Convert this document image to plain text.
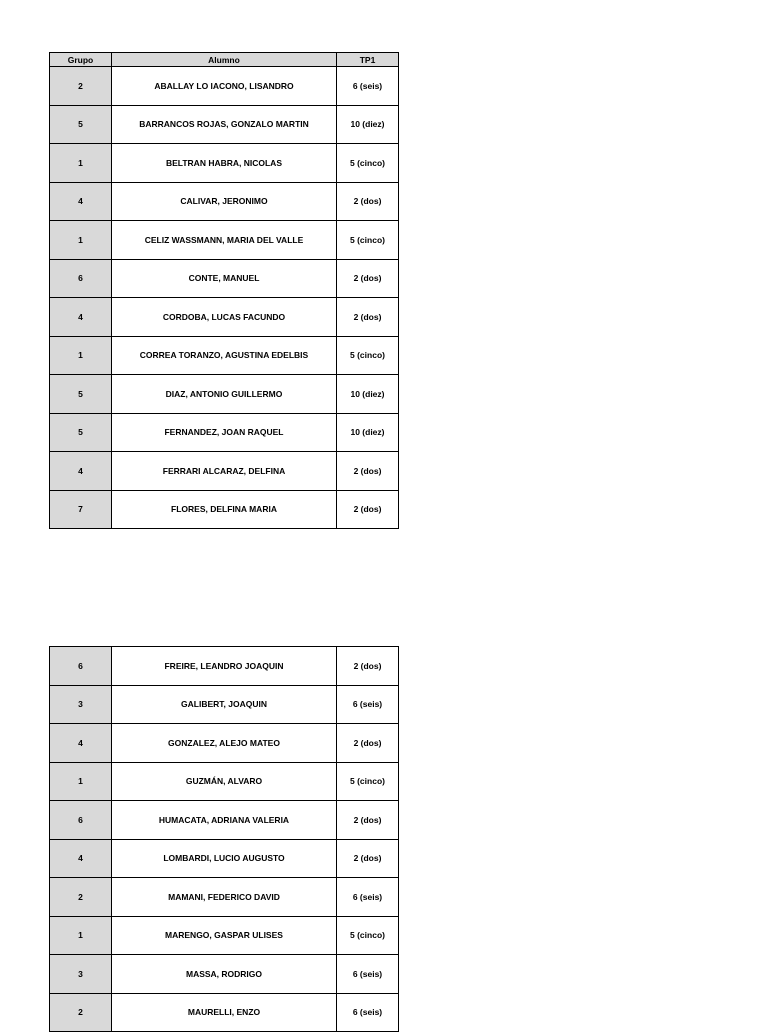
Grupo	Alumno	TP1
2	ABALLAY LO IACONO, LISANDRO	6 (seis)
5	BARRANCOS ROJAS, GONZALO MARTIN	10 (diez)
1	BELTRAN HABRA, NICOLAS	5 (cinco)
4	CALIVAR, JERONIMO	2 (dos)
1	CELIZ WASSMANN, MARIA DEL VALLE	5 (cinco)
6	CONTE, MANUEL	2 (dos)
4	CORDOBA, LUCAS FACUNDO	2 (dos)
1	CORREA TORANZO, AGUSTINA EDELBIS	5 (cinco)
5	DIAZ, ANTONIO GUILLERMO	10 (diez)
5	FERNANDEZ, JOAN RAQUEL	10 (diez)
4	FERRARI ALCARAZ, DELFINA	2 (dos)
7	FLORES, DELFINA MARIA	2 (dos)
6	FREIRE, LEANDRO JOAQUIN	2 (dos)
3	GALIBERT, JOAQUIN	6 (seis)
4	GONZALEZ, ALEJO MATEO	2 (dos)
1	GUZMÁN, ALVARO	5 (cinco)
6	HUMACATA, ADRIANA VALERIA	2 (dos)
4	LOMBARDI, LUCIO AUGUSTO	2 (dos)
2	MAMANI, FEDERICO DAVID	6 (seis)
1	MARENGO, GASPAR ULISES	5 (cinco)
3	MASSA, RODRIGO	6 (seis)
2	MAURELLI, ENZO	6 (seis)
